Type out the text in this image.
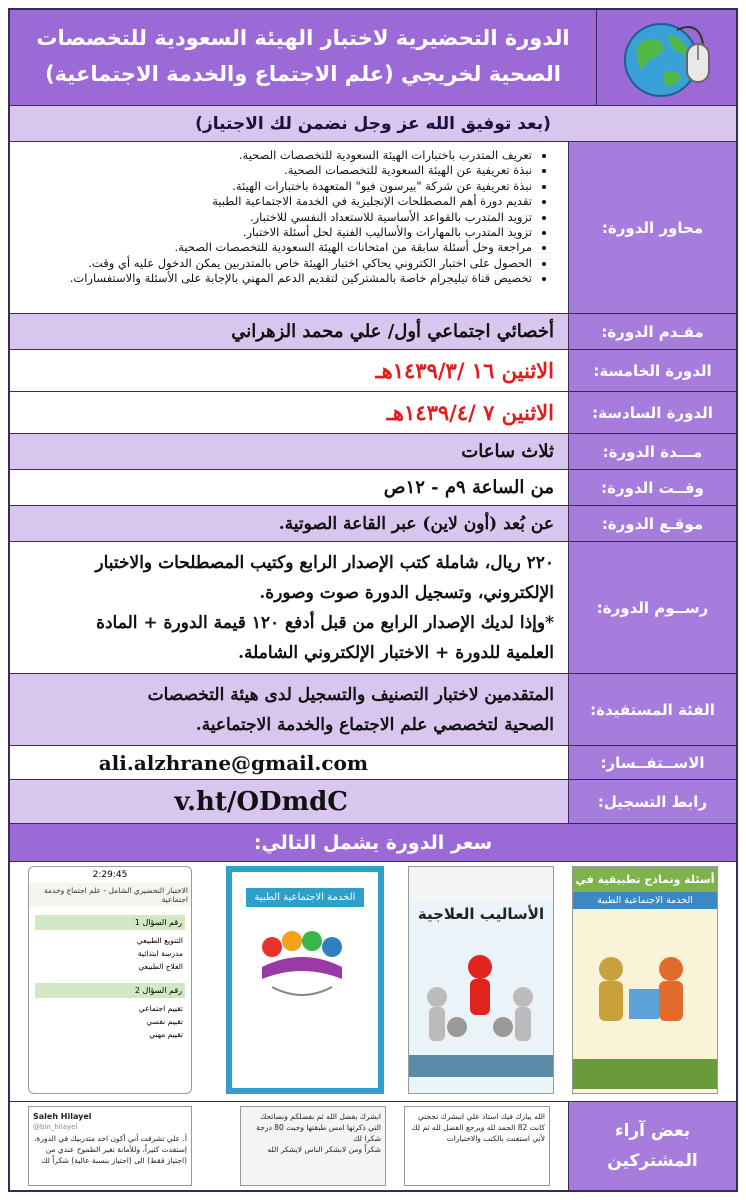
الدورة التحضيرية لاختبار الهيئة السعودية للتخصصات
الصحية لخريجي (علم الاجتماع والخدمة الاجتماعية)
(بعد توفيق الله عز وجل نضمن لك الاجتياز)
محاور الدورة:
• تعريف المتدرب باختبارات الهيئة السعودية للتخصصات الصحية.
• نبذة تعريفية عن الهيئة السعودية للتخصصات الصحية.
• نبذة تعريفية عن شركة "بيرسون فيو" المتعهدة باختبارات الهيئة.
• تقديم دورة أهم المصطلحات الإنجليزية في الخدمة الاجتماعية الطبية
• تزويد المتدرب بالقواعد الأساسية للاستعداد النفسي للاختبار.
• تزويد المتدرب بالمهارات والأساليب الفنية لحل أسئلة الاختبار.
• مراجعة وحل أسئلة سابقة من امتحانات الهيئة السعودية للتخصصات الصحية.
• الحصول على اختبار الكتروني يحاكي اختبار الهيئة خاص بالمتدربين يمكن الدخول عليه أي وقت.
• تخصيص قناة تيليجرام خاصة بالمشتركين لتقديم الدعم المهني بالإجابة على الأسئلة والاستفسارات.
مقـدم الدورة:
أخصائي اجتماعي أول/ علي محمد الزهراني
الدورة الخامسة:
الاثنين ١٦ /١٤٣٩/٣هـ
الدورة السادسة:
الاثنين ٧ /١٤٣٩/٤هـ
مـــدة الدورة:
ثلاث ساعات
وقــت الدورة:
من الساعة ٩م - ١٢ص
موقـع الدورة:
عن بُعد (أون لاين) عبر القاعة الصوتية.
رســوم الدورة:
٢٢٠ ريال، شاملة كتب الإصدار الرابع وكتيب المصطلحات والاختبار
الإلكتروني، وتسجيل الدورة صوت وصورة.
*وإذا لديك الإصدار الرابع من قبل أدفع ١٢٠ قيمة الدورة + المادة
العلمية للدورة + الاختبار الإلكتروني الشاملة.
الفئة المستفيدة:
المتقدمين لاختبار التصنيف والتسجيل لدى هيئة التخصصات
الصحية لتخصصي علم الاجتماع والخدمة الاجتماعية.
الاســتفــسار:
ali.alzhrane@gmail.com
رابط التسجيل:
v.ht/ODmdC
سعر الدورة يشمل التالي:
أسئلة ونماذج تطبيقية في
الخدمة الاجتماعية الطبية
الأساليب العلاجية
الخدمة الاجتماعية الطبية
2:29:45
الاختبار التحضيري الشامل - علم اجتماع وخدمة اجتماعية
رقم السؤال 1
التنويع الطبيعي
مدرسة ابتدائية
العلاج الطبيعي
رقم السؤال 2
تقييم اجتماعي
تقييم نفسي
تقييم مهني
بعض آراء المشتركين
الله يبارك فيك استاذ علي انبشرك نجحتي كانت 82 الحمد لله ويرجع الفضل لله ثم لك لأني استعنت بالكتب والاختبارات
ابشرك بفضل الله ثم بفضلكم ونصائحك التي ذكرتها امس طبقتها وجبت 80 درجة شكرا لك
شكراً ومن لابشكر الناس لايشكر الله
Saleh Hilayel
@bin_hilayel
أ. علي تشرفت أني أكون احد متدربيك في الدورة، إستفدت كثيراً، وللأمانة تغير الطموح عندي من (اجتياز فقط) الى (اجتياز بنسبة عالية) شكراً لك
